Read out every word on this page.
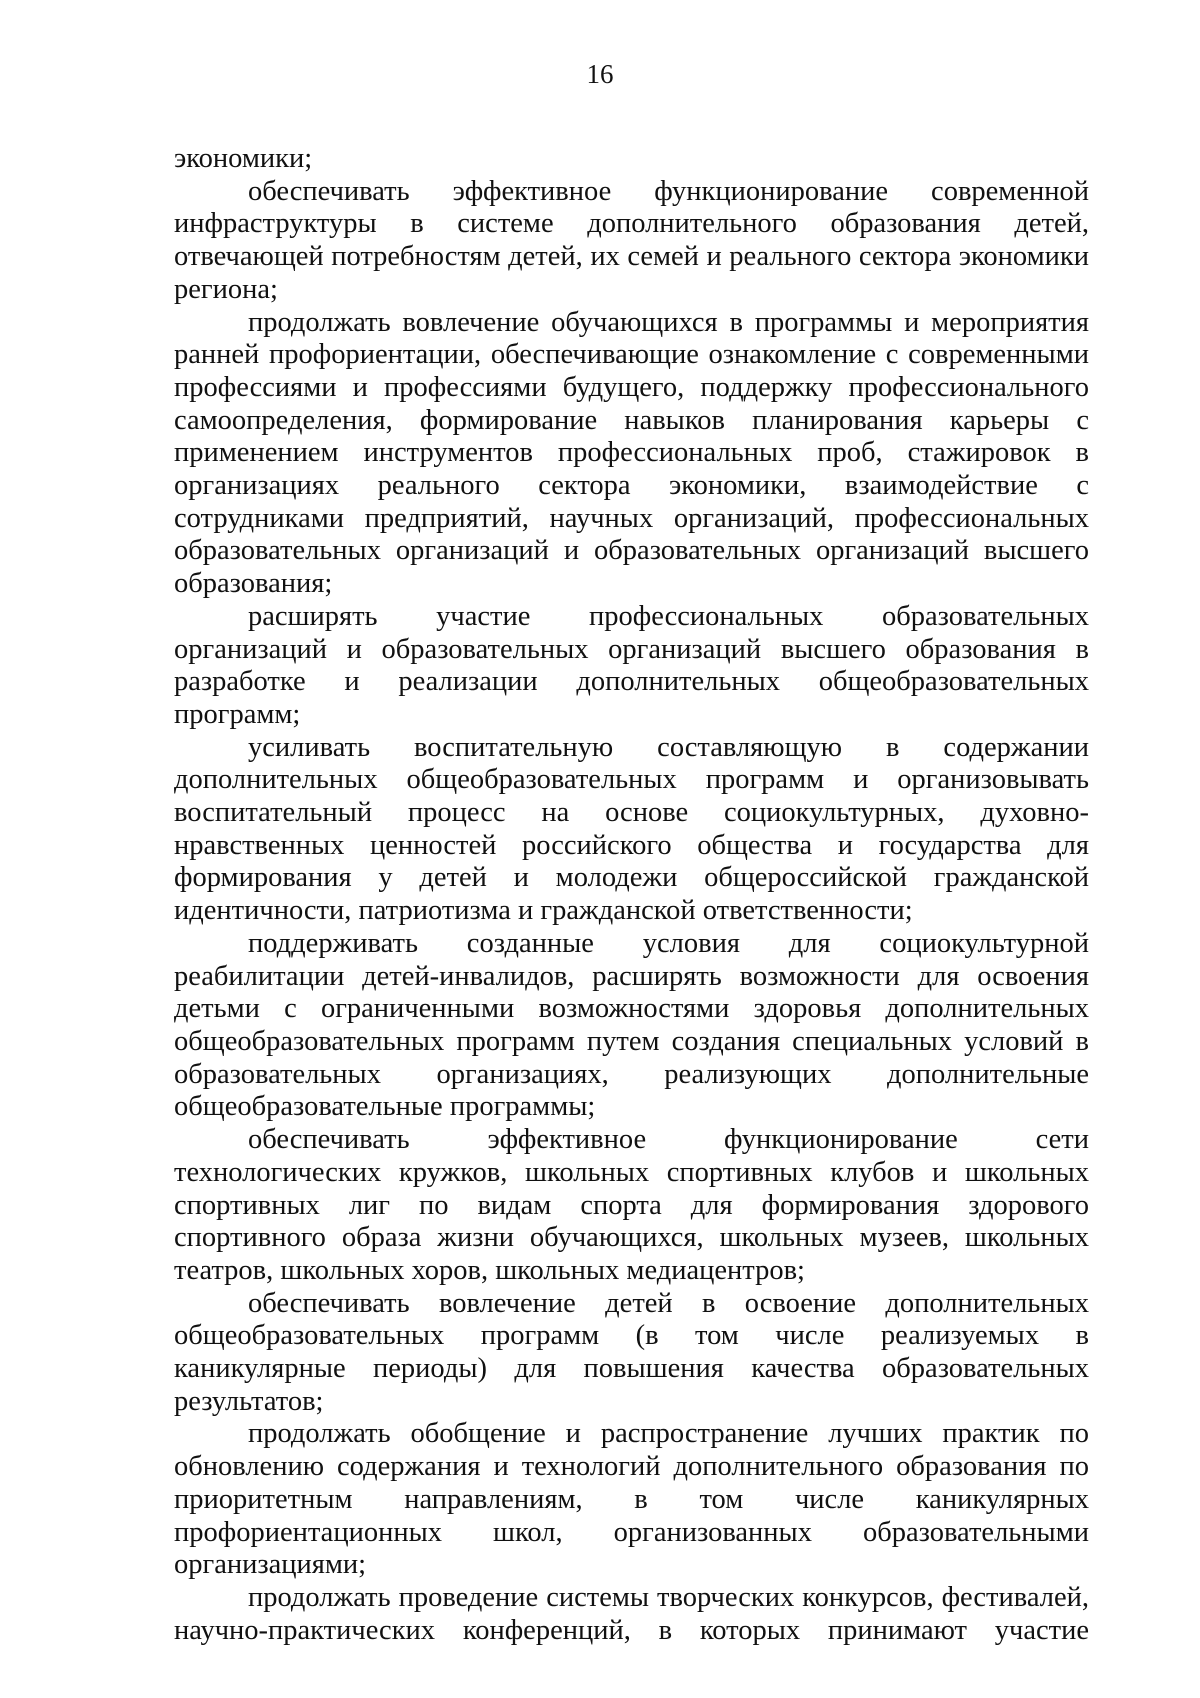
16

экономики;

обеспечивать эффективное функционирование современной инфраструктуры в системе дополнительного образования детей, отвечающей потребностям детей, их семей и реального сектора экономики региона;

продолжать вовлечение обучающихся в программы и мероприятия ранней профориентации, обеспечивающие ознакомление с современными профессиями и профессиями будущего, поддержку профессионального самоопределения, формирование навыков планирования карьеры с применением инструментов профессиональных проб, стажировок в организациях реального сектора экономики, взаимодействие с сотрудниками предприятий, научных организаций, профессиональных образовательных организаций и образовательных организаций высшего образования;

расширять участие профессиональных образовательных организаций и образовательных организаций высшего образования в разработке и реализации дополнительных общеобразовательных программ;

усиливать воспитательную составляющую в содержании дополнительных общеобразовательных программ и организовывать воспитательный процесс на основе социокультурных, духовно-нравственных ценностей российского общества и государства для формирования у детей и молодежи общероссийской гражданской идентичности, патриотизма и гражданской ответственности;

поддерживать созданные условия для социокультурной реабилитации детей-инвалидов, расширять возможности для освоения детьми с ограниченными возможностями здоровья дополнительных общеобразовательных программ путем создания специальных условий в образовательных организациях, реализующих дополнительные общеобразовательные программы;

обеспечивать эффективное функционирование сети технологических кружков, школьных спортивных клубов и школьных спортивных лиг по видам спорта для формирования здорового спортивного образа жизни обучающихся, школьных музеев, школьных театров, школьных хоров, школьных медиацентров;

обеспечивать вовлечение детей в освоение дополнительных общеобразовательных программ (в том числе реализуемых в каникулярные периоды) для повышения качества образовательных результатов;

продолжать обобщение и распространение лучших практик по обновлению содержания и технологий дополнительного образования по приоритетным направлениям, в том числе каникулярных профориентационных школ, организованных образовательными организациями;

продолжать проведение системы творческих конкурсов, фестивалей, научно-практических конференций, в которых принимают участие
